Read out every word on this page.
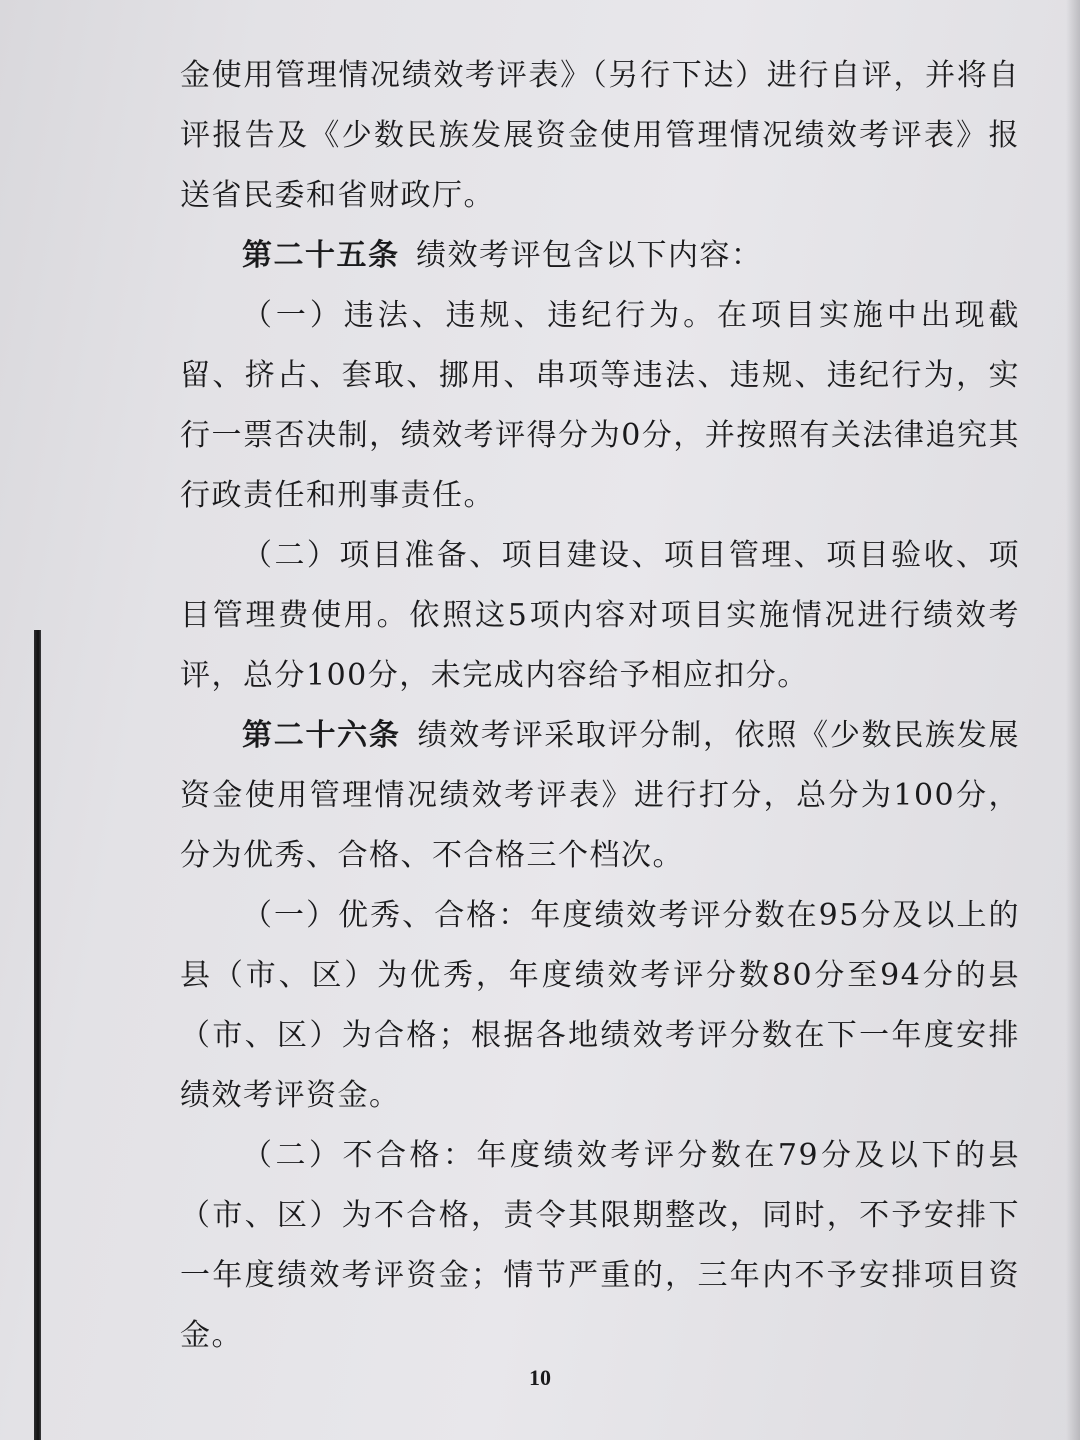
金使用管理情况绩效考评表》（另行下达）进行自评，并将自评报告及《少数民族发展资金使用管理情况绩效考评表》报送省民委和省财政厅。

第二十五条  绩效考评包含以下内容：

（一）违法、违规、违纪行为。在项目实施中出现截留、挤占、套取、挪用、串项等违法、违规、违纪行为，实行一票否决制，绩效考评得分为0分，并按照有关法律追究其行政责任和刑事责任。

（二）项目准备、项目建设、项目管理、项目验收、项目管理费使用。依照这5项内容对项目实施情况进行绩效考评，总分100分，未完成内容给予相应扣分。

第二十六条  绩效考评采取评分制，依照《少数民族发展资金使用管理情况绩效考评表》进行打分，总分为100分，分为优秀、合格、不合格三个档次。

（一）优秀、合格：年度绩效考评分数在95分及以上的县（市、区）为优秀，年度绩效考评分数80分至94分的县（市、区）为合格；根据各地绩效考评分数在下一年度安排绩效考评资金。

（二）不合格：年度绩效考评分数在79分及以下的县（市、区）为不合格，责令其限期整改，同时，不予安排下一年度绩效考评资金；情节严重的，三年内不予安排项目资金。

10
